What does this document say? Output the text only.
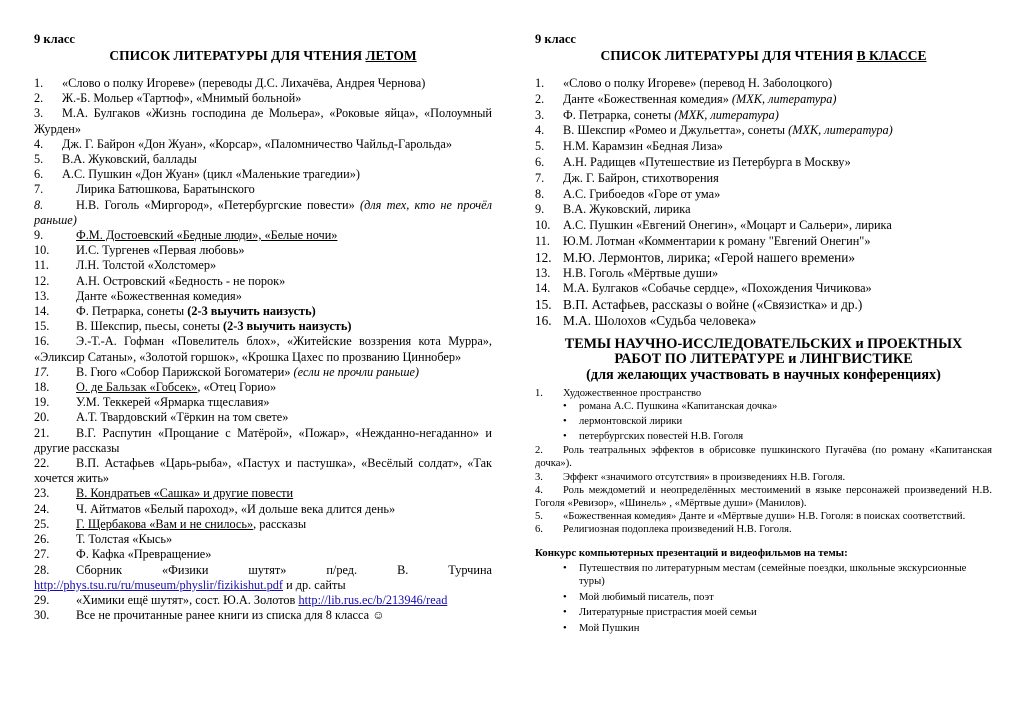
9 класс

СПИСОК ЛИТЕРАТУРЫ ДЛЯ ЧТЕНИЯ ЛЕТОМ

1. «Слово о полку Игореве» (переводы Д.С. Лихачёва, Андрея Чернова)
2. Ж.-Б. Мольер «Тартюф», «Мнимый больной»
3. М.А. Булгаков «Жизнь господина де Мольера», «Роковые яйца», «Полоумный Журден»
4. Дж. Г. Байрон «Дон Жуан», «Корсар», «Паломничество Чайльд-Гарольда»
5. В.А. Жуковский, баллады
6. А.С. Пушкин «Дон Жуан» (цикл «Маленькие трагедии»)
7.	Лирика Батюшкова, Баратынского
8.	Н.В. Гоголь «Миргород», «Петербургские повести» (для тех, кто не прочёл раньше)
9.	Ф.М. Достоевский «Бедные люди», «Белые ночи»
10. И.С. Тургенев «Первая любовь»
11. Л.Н. Толстой «Холстомер»
12. А.Н. Островский «Бедность - не порок»
13. Данте «Божественная комедия»
14. Ф. Петрарка, сонеты (2-3 выучить наизусть)
15. В. Шекспир, пьесы, сонеты (2-3 выучить наизусть)
16. Э.-Т.-А. Гофман «Повелитель блох», «Житейские воззрения кота Мурра», «Эликсир Сатаны», «Золотой горшок», «Крошка Цахес по прозванию Циннобер»
17. В. Гюго «Собор Парижской Богоматери» (если не прочли раньше)
18. О. де Бальзак «Гобсек», «Отец Горио»
19. У.М. Теккерей «Ярмарка тщеславия»
20. А.Т. Твардовский «Тёркин на том свете»
21. В.Г. Распутин «Прощание с Матёрой», «Пожар», «Нежданно-негаданно» и другие рассказы
22. В.П. Астафьев «Царь-рыба», «Пастух и пастушка», «Весёлый солдат», «Так хочется жить»
23. В. Кондратьев «Сашка» и другие повести
24. Ч. Айтматов «Белый пароход», «И дольше века длится день»
25. Г. Щербакова «Вам и не снилось», рассказы
26. Т. Толстая «Кысь»
27. Ф. Кафка «Превращение»
28. Сборник «Физики шутят» п/ред. В. Турчина http://phys.tsu.ru/ru/museum/physlir/fizikishut.pdf и др. сайты
29. «Химики ещё шутят», сост. Ю.А. Золотов http://lib.rus.ec/b/213946/read
30. Все не прочитанные ранее книги из списка для 8 класса ☺

9 класс

СПИСОК ЛИТЕРАТУРЫ ДЛЯ ЧТЕНИЯ В КЛАССЕ

1. «Слово о полку Игореве» (перевод Н. Заболоцкого)
2. Данте «Божественная комедия» (МХК, литература)
3. Ф. Петрарка, сонеты (МХК, литература)
4. В. Шекспир «Ромео и Джульетта», сонеты (МХК, литература)
5. Н.М. Карамзин «Бедная Лиза»
6. А.Н. Радищев «Путешествие из Петербурга в Москву»
7. Дж. Г. Байрон, стихотворения
8. А.С. Грибоедов «Горе от ума»
9. В.А. Жуковский, лирика
10. А.С. Пушкин «Евгений Онегин», «Моцарт и Сальери», лирика
11. Ю.М. Лотман «Комментарии к роману "Евгений Онегин"»
12. М.Ю. Лермонтов, лирика; «Герой нашего времени»
13. Н.В. Гоголь «Мёртвые души»
14. М.А. Булгаков «Собачье сердце», «Похождения Чичикова»
15. В.П. Астафьев, рассказы о войне («Связистка» и др.)
16. М.А. Шолохов «Судьба человека»
ТЕМЫ НАУЧНО-ИССЛЕДОВАТЕЛЬСКИХ и ПРОЕКТНЫХ
РАБОТ ПО ЛИТЕРАТУРЕ и ЛИНГВИСТИКЕ
(для желающих участвовать в научных конференциях)
1. Художественное пространство
• романа А.С. Пушкина «Капитанская дочка»
• лермонтовской лирики
• петербургских повестей Н.В. Гоголя
2. Роль театральных эффектов в обрисовке пушкинского Пугачёва (по роману «Капитанская дочка»).
3. Эффект «значимого отсутствия» в произведениях Н.В. Гоголя.
4. Роль междометий и неопределённых местоимений в языке персонажей произведений Н.В. Гоголя «Ревизор», «Шинель» , «Мёртвые души» (Манилов).
5. «Божественная комедия» Данте и «Мёртвые души» Н.В. Гоголя: в поисках соответствий.
6. Религиозная подоплека произведений Н.В. Гоголя.

Конкурс компьютерных презентаций и видеофильмов на темы:

• Путешествия по литературным местам (семейные поездки, школьные экскурсионные туры)
• Мой любимый писатель, поэт
• Литературные пристрастия моей семьи
• Мой Пушкин
